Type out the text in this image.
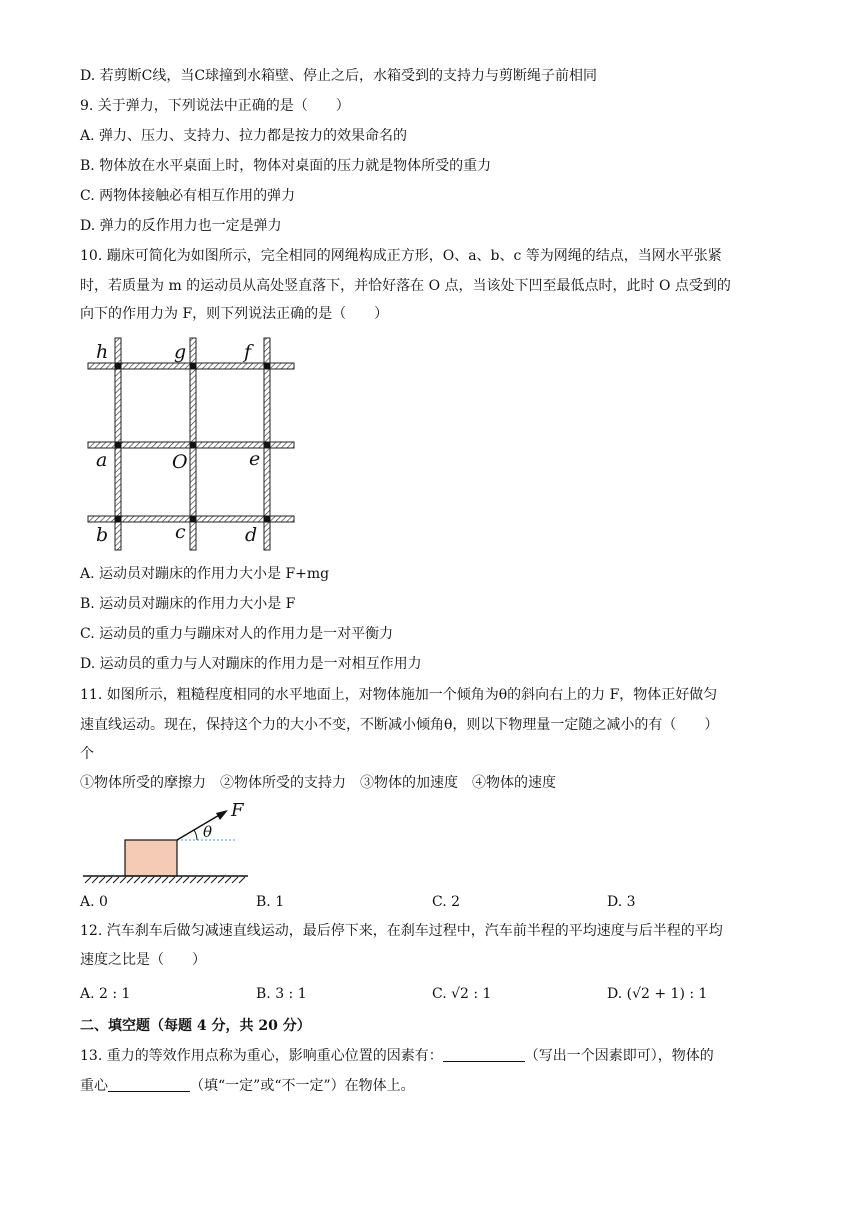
D. 若剪断C线，当C球撞到水箱壁、停止之后，水箱受到的支持力与剪断绳子前相同
9. 关于弹力，下列说法中正确的是（　　）
A. 弹力、压力、支持力、拉力都是按力的效果命名的
B. 物体放在水平桌面上时，物体对桌面的压力就是物体所受的重力
C. 两物体接触必有相互作用的弹力
D. 弹力的反作用力也一定是弹力
10. 蹦床可简化为如图所示，完全相同的网绳构成正方形，O、a、b、c 等为网绳的结点，当网水平张紧
时，若质量为 m 的运动员从高处竖直落下，并恰好落在 O 点，当该处下凹至最低点时，此时 O 点受到的
向下的作用力为 F，则下列说法正确的是（　　）
h	g	f
a	O	e
b	c	d
A. 运动员对蹦床的作用力大小是 F+mg
B. 运动员对蹦床的作用力大小是 F
C. 运动员的重力与蹦床对人的作用力是一对平衡力
D. 运动员的重力与人对蹦床的作用力是一对相互作用力
11. 如图所示，粗糙程度相同的水平地面上，对物体施加一个倾角为θ的斜向右上的力 F，物体正好做匀
速直线运动。现在，保持这个力的大小不变，不断减小倾角θ，则以下物理量一定随之减小的有（　　）
个
①物体所受的摩擦力　②物体所受的支持力　③物体的加速度　④物体的速度
F
θ
A. 0	B. 1	C. 2	D. 3
12. 汽车刹车后做匀减速直线运动，最后停下来，在刹车过程中，汽车前半程的平均速度与后半程的平均
速度之比是（　　）
A. 2 : 1	B. 3 : 1	C. √2 : 1	D. (√2 + 1) : 1
二、填空题（每题 4 分，共 20 分）
13. 重力的等效作用点称为重心，影响重心位置的因素有：	（写出一个因素即可），物体的
重心	（填“一定”或“不一定”）在物体上。
